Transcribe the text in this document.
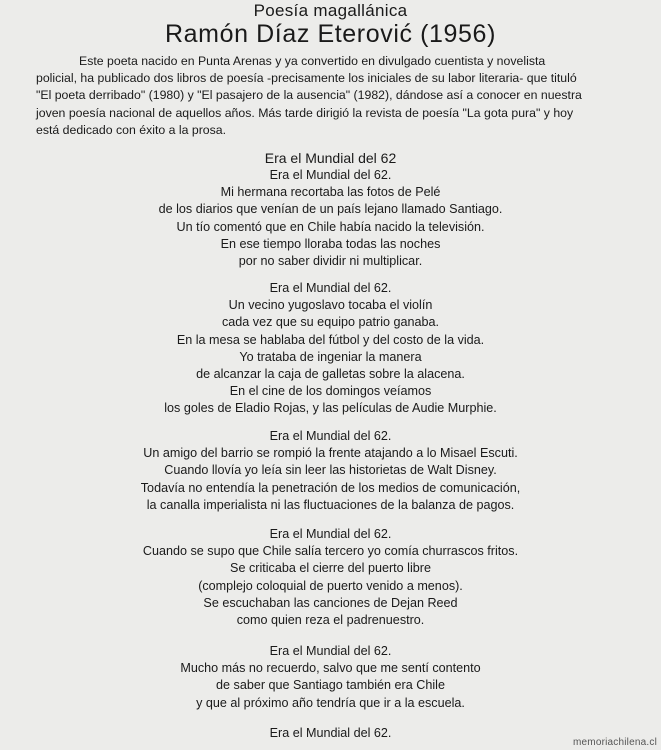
Poesía magallánica
Ramón Díaz Eterović (1956)
Este poeta nacido en Punta Arenas y ya convertido en divulgado cuentista y novelista
policial, ha publicado dos libros de poesía -precisamente los iniciales de su labor literaria- que tituló
"El poeta derribado" (1980) y "El pasajero de la ausencia" (1982), dándose así a conocer en nuestra
joven poesía nacional de aquellos años. Más tarde dirigió la revista de poesía "La gota pura" y hoy
está dedicado con éxito a la prosa.
Era el Mundial del 62
Era el Mundial del 62.
Mi hermana recortaba las fotos de Pelé
de los diarios que venían de un país lejano llamado Santiago.
Un tío comentó que en Chile había nacido la televisión.
En ese tiempo lloraba todas las noches
por no saber dividir ni multiplicar.
Era el Mundial del 62.
Un vecino yugoslavo tocaba el violín
cada vez que su equipo patrio ganaba.
En la mesa se hablaba del fútbol y del costo de la vida.
Yo trataba de ingeniar la manera
de alcanzar la caja de galletas sobre la alacena.
En el cine de los domingos veíamos
los goles de Eladio Rojas, y las películas de Audie Murphie.
Era el Mundial del 62.
Un amigo del barrio se rompió la frente atajando a lo Misael Escuti.
Cuando llovía yo leía sin leer las historietas de Walt Disney.
Todavía no entendía la penetración de los medios de comunicación,
la canalla imperialista ni las fluctuaciones de la balanza de pagos.
Era el Mundial del 62.
Cuando se supo que Chile salía tercero yo comía churrascos fritos.
Se criticaba el cierre del puerto libre
(complejo coloquial de puerto venido a menos).
Se escuchaban las canciones de Dejan Reed
como quien reza el padrenuestro.
Era el Mundial del 62.
Mucho más no recuerdo, salvo que me sentí contento
de saber que Santiago también era Chile
y que al próximo año tendría que ir a la escuela.
Era el Mundial del 62.
memoriachilena.cl
